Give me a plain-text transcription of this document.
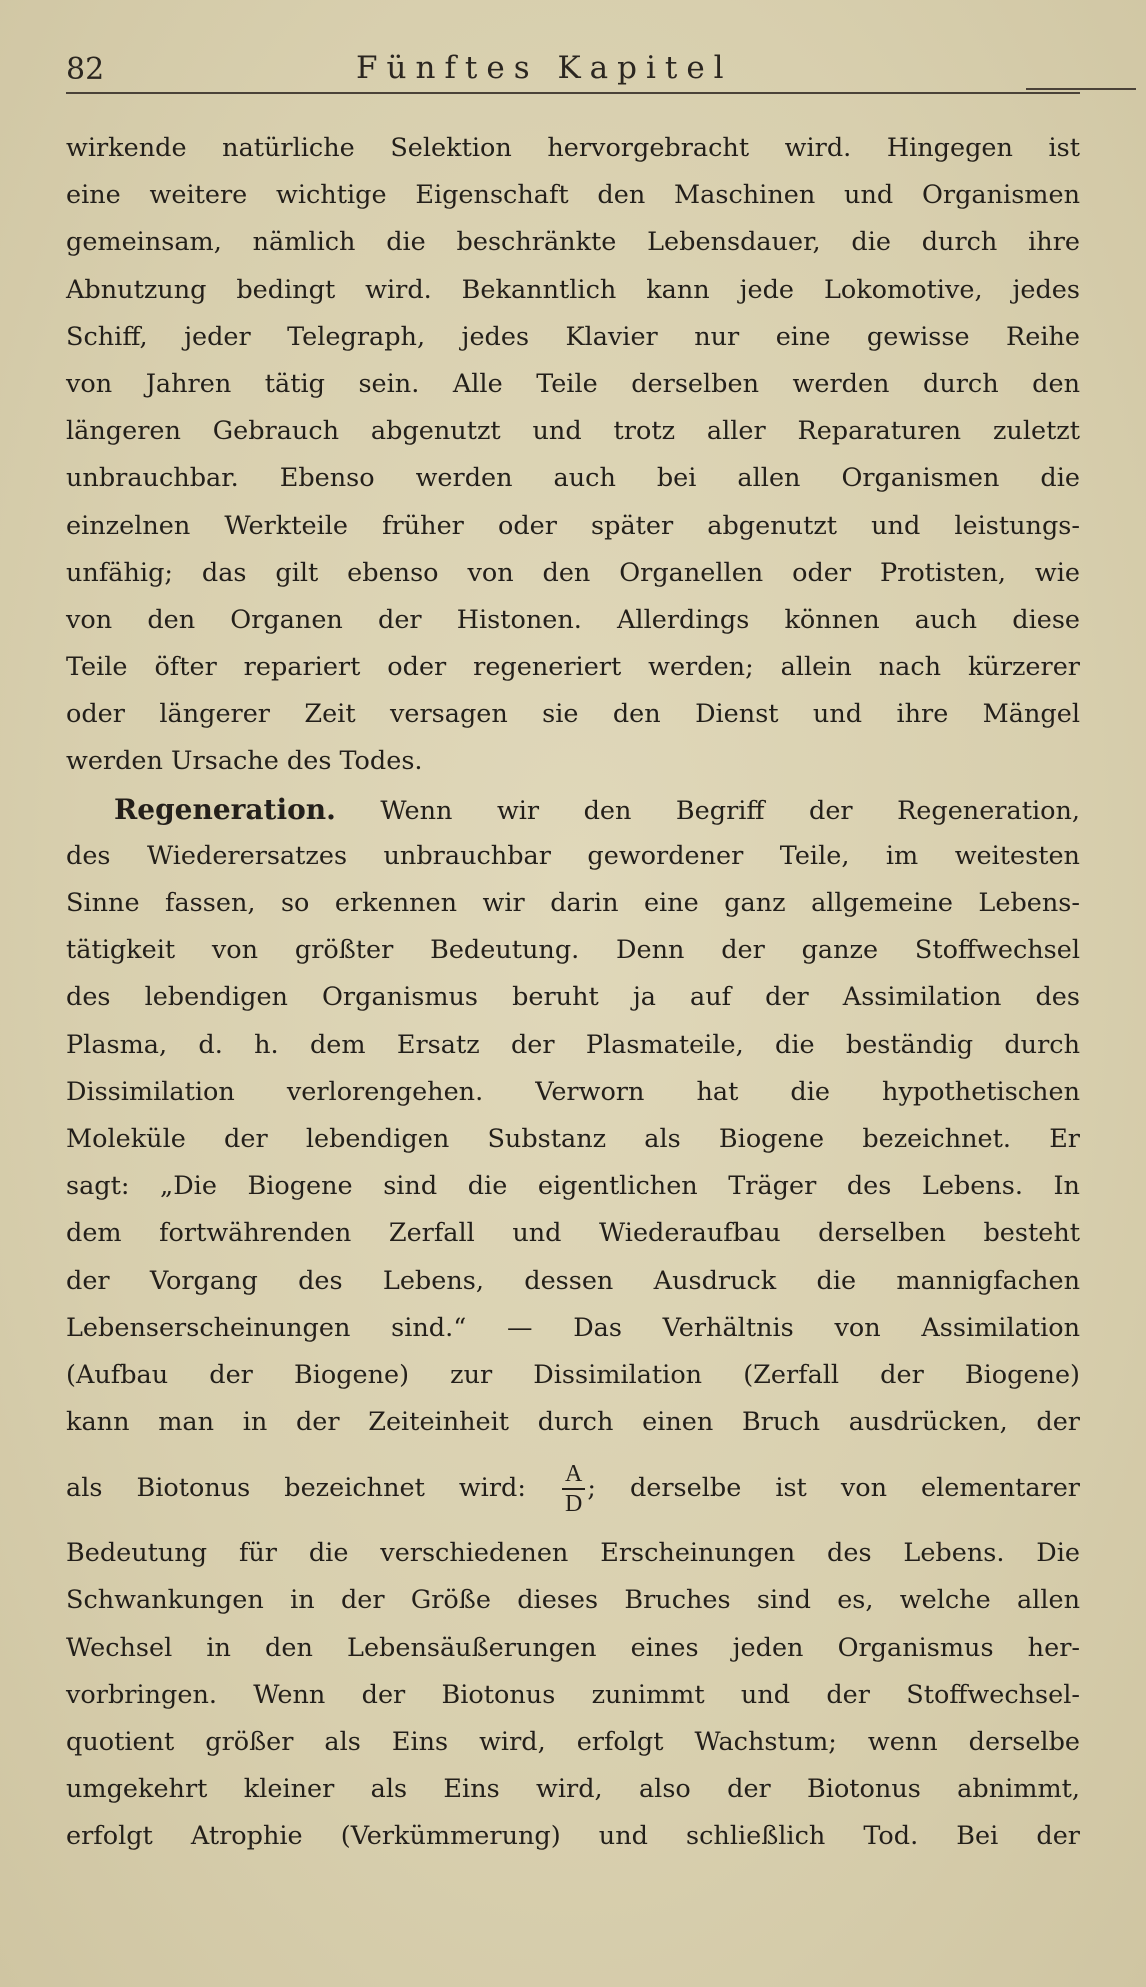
82	Fünftes Kapitel
wirkende natürliche Selektion hervorgebracht wird. Hingegen ist
eine weitere wichtige Eigenschaft den Maschinen und Organismen
gemeinsam, nämlich die beschränkte Lebensdauer, die durch ihre
Abnutzung bedingt wird. Bekanntlich kann jede Lokomotive, jedes
Schiff, jeder Telegraph, jedes Klavier nur eine gewisse Reihe
von Jahren tätig sein. Alle Teile derselben werden durch den
längeren Gebrauch abgenutzt und trotz aller Reparaturen zuletzt
unbrauchbar. Ebenso werden auch bei allen Organismen die
einzelnen Werkteile früher oder später abgenutzt und leistungs-
unfähig; das gilt ebenso von den Organellen oder Protisten, wie
von den Organen der Histonen. Allerdings können auch diese
Teile öfter repariert oder regeneriert werden; allein nach kürzerer
oder längerer Zeit versagen sie den Dienst und ihre Mängel
werden Ursache des Todes.
Regeneration. Wenn wir den Begriff der Regeneration,
des Wiederersatzes unbrauchbar gewordener Teile, im weitesten
Sinne fassen, so erkennen wir darin eine ganz allgemeine Lebens-
tätigkeit von größter Bedeutung. Denn der ganze Stoffwechsel
des lebendigen Organismus beruht ja auf der Assimilation des
Plasma, d. h. dem Ersatz der Plasmateile, die beständig durch
Dissimilation verlorengehen. Verworn hat die hypothetischen
Moleküle der lebendigen Substanz als Biogene bezeichnet. Er
sagt: „Die Biogene sind die eigentlichen Träger des Lebens. In
dem fortwährenden Zerfall und Wiederaufbau derselben besteht
der Vorgang des Lebens, dessen Ausdruck die mannigfachen
Lebenserscheinungen sind.“ — Das Verhältnis von Assimilation
(Aufbau der Biogene) zur Dissimilation (Zerfall der Biogene)
kann man in der Zeiteinheit durch einen Bruch ausdrücken, der
als Biotonus bezeichnet wird: $\frac{A}{D}$ ; derselbe ist von elementarer
Bedeutung für die verschiedenen Erscheinungen des Lebens. Die
Schwankungen in der Größe dieses Bruches sind es, welche allen
Wechsel in den Lebensäußerungen eines jeden Organismus her-
vorbringen. Wenn der Biotonus zunimmt und der Stoffwechsel-
quotient größer als Eins wird, erfolgt Wachstum; wenn derselbe
umgekehrt kleiner als Eins wird, also der Biotonus abnimmt,
erfolgt Atrophie (Verkümmerung) und schließlich Tod. Bei der
